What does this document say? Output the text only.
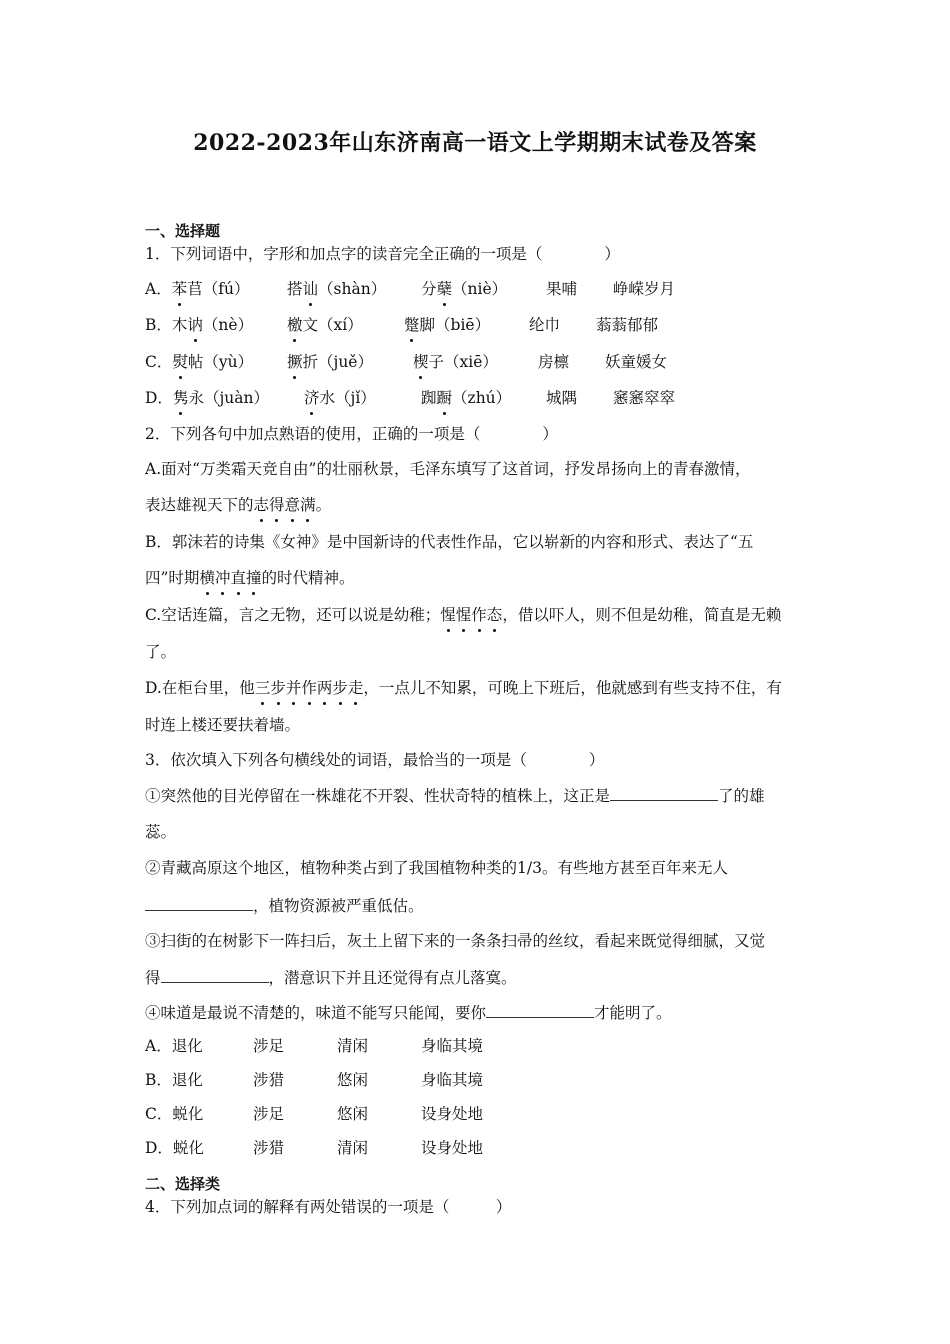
2022-2023年山东济南高一语文上学期期末试卷及答案
一、选择题
1．下列词语中，字形和加点字的读音完全正确的一项是（　　　　）
A．苯苢（fú） 搭讪（shàn） 分蘖（niè）	果哺 峥嵘岁月
B．木讷（nè） 檄文（xí）	蹩脚（biē）	纶巾 蓊蓊郁郁
C．熨帖（yù） 撅折（juě）	楔子（xiē）	房檩 妖童媛女
D．隽永（juàn） 济水（jǐ）	踟蹰（zhú） 城隅 窸窸窣窣
2．下列各句中加点熟语的使用，正确的一项是（　　　　）
A.面对“万类霜天竞自由”的壮丽秋景，毛泽东填写了这首词，抒发昂扬向上的青春激情，
表达雄视天下的志得意满。
B．郭沫若的诗集《女神》是中国新诗的代表性作品，它以崭新的内容和形式、表达了“五
四”时期横冲直撞的时代精神。
C.空话连篇，言之无物，还可以说是幼稚；惺惺作态，借以吓人，则不但是幼稚，简直是无赖
了。
D.在柜台里，他三步并作两步走，一点儿不知累，可晚上下班后，他就感到有些支持不住，有
时连上楼还要扶着墙。
3．依次填入下列各句横线处的词语，最恰当的一项是（　　　　）
①突然他的目光停留在一株雄花不开裂、性状奇特的植株上，这正是	了的雄
蕊。
②青藏高原这个地区，植物种类占到了我国植物种类的1/3。有些地方甚至百年来无人
，植物资源被严重低估。
③扫街的在树影下一阵扫后，灰土上留下来的一条条扫帚的丝纹，看起来既觉得细腻，又觉
得	，潜意识下并且还觉得有点儿落寞。
④味道是最说不清楚的，味道不能写只能闻，要你	才能明了。
A．退化	涉足	清闲	身临其境
B．退化	涉猎	悠闲	身临其境
C．蜕化	涉足	悠闲	设身处地
D．蜕化	涉猎	清闲	设身处地
二、选择类
4．下列加点词的解释有两处错误的一项是（　　　）
